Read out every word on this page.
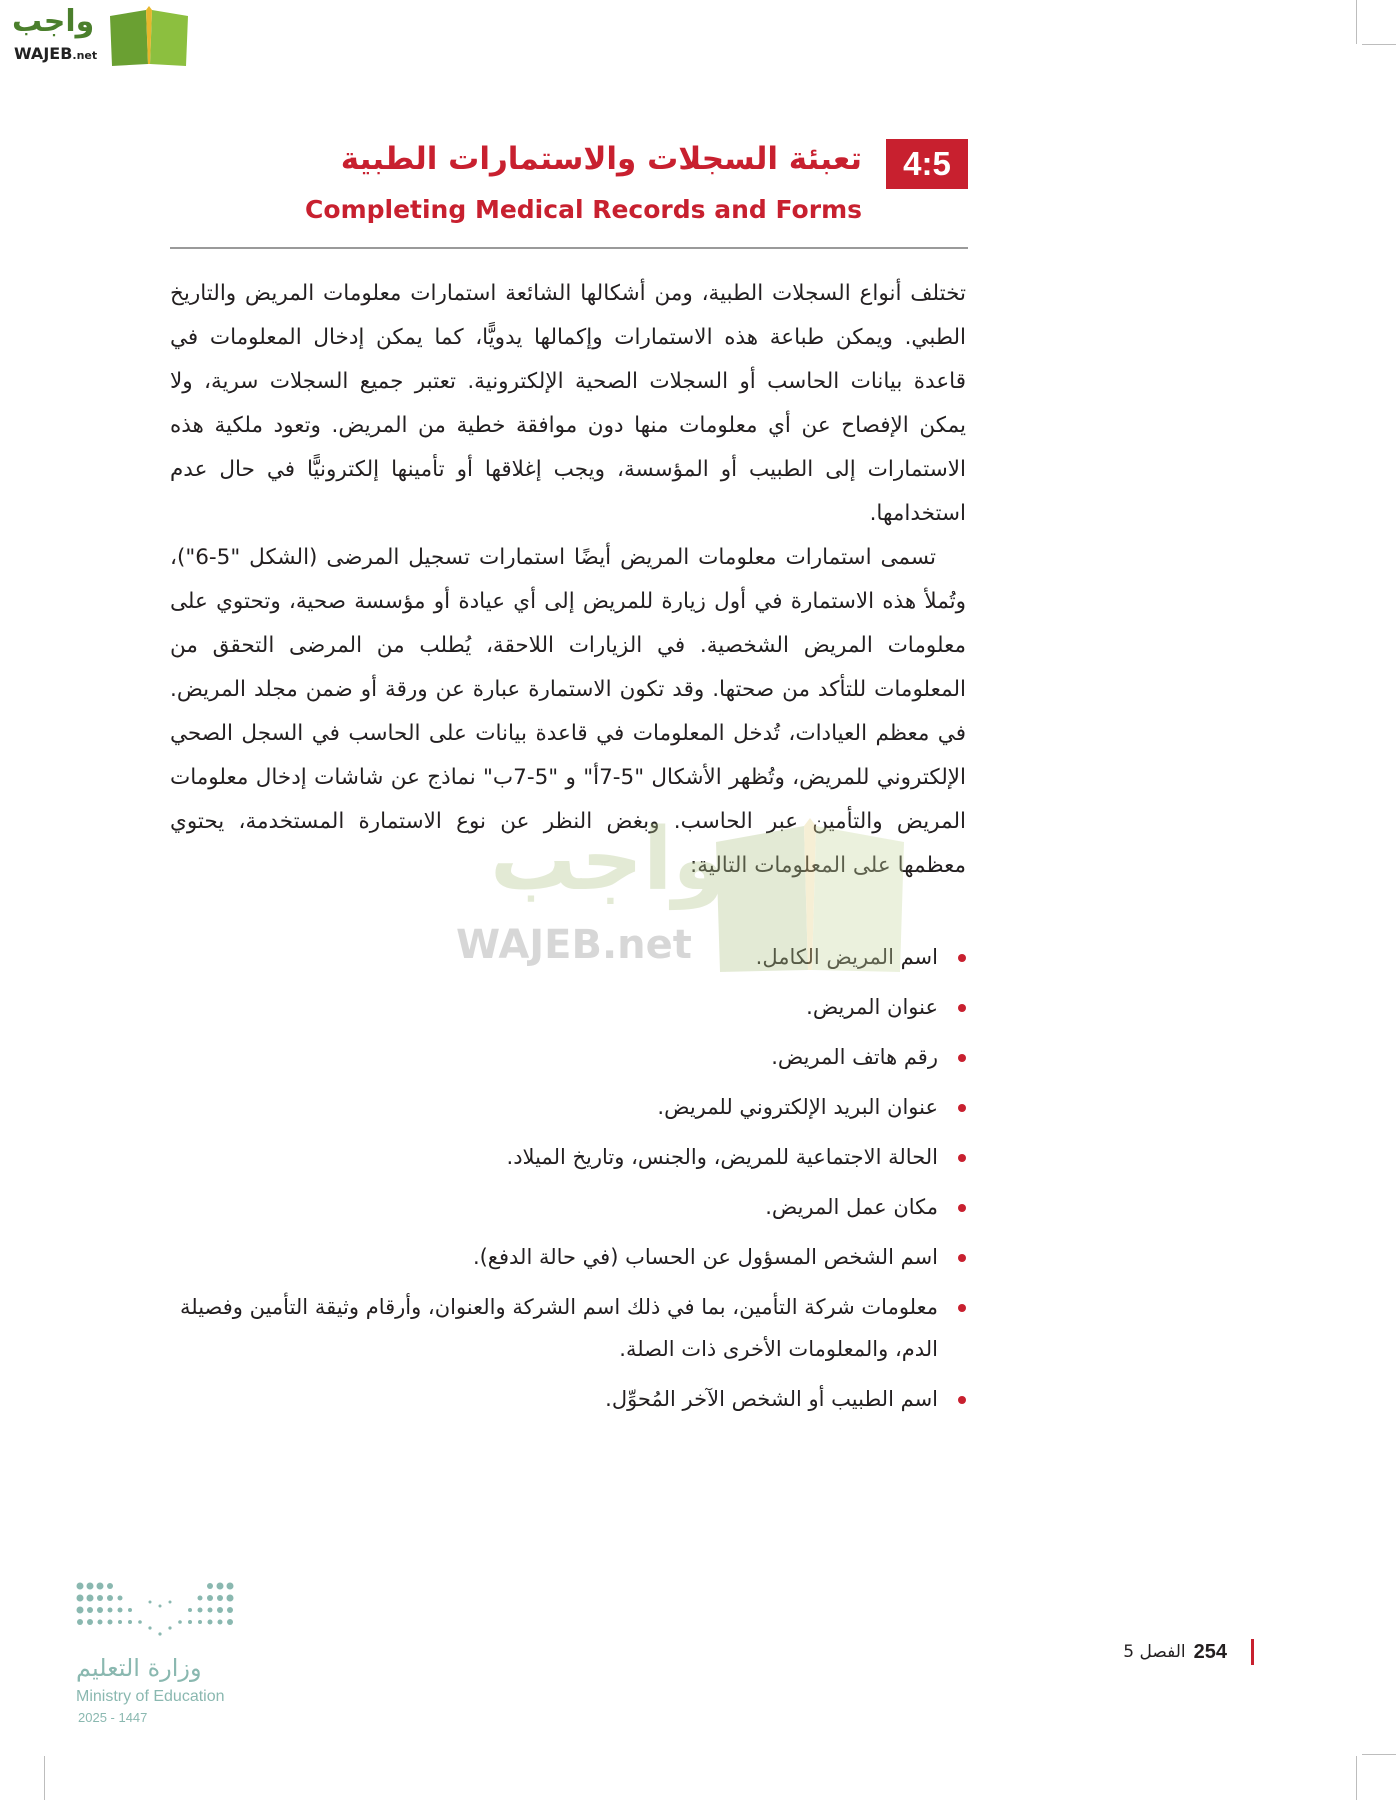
واجب
WAJEB.net
4:5
تعبئة السجلات والاستمارات الطبية
Completing Medical Records and Forms

تختلف أنواع السجلات الطبية، ومن أشكالها الشائعة استمارات معلومات المريض والتاريخ الطبي. ويمكن طباعة هذه الاستمارات وإكمالها يدويًّا، كما يمكن إدخال المعلومات في قاعدة بيانات الحاسب أو السجلات الصحية الإلكترونية. تعتبر جميع السجلات سرية، ولا يمكن الإفصاح عن أي معلومات منها دون موافقة خطية من المريض. وتعود ملكية هذه الاستمارات إلى الطبيب أو المؤسسة، ويجب إغلاقها أو تأمينها إلكترونيًّا في حال عدم استخدامها.

تسمى استمارات معلومات المريض أيضًا استمارات تسجيل المرضى (الشكل "5-6")، وتُملأ هذه الاستمارة في أول زيارة للمريض إلى أي عيادة أو مؤسسة صحية، وتحتوي على معلومات المريض الشخصية. في الزيارات اللاحقة، يُطلب من المرضى التحقق من المعلومات للتأكد من صحتها. وقد تكون الاستمارة عبارة عن ورقة أو ضمن مجلد المريض. في معظم العيادات، تُدخل المعلومات في قاعدة بيانات على الحاسب في السجل الصحي الإلكتروني للمريض، وتُظهر الأشكال "5-7أ" و "5-7ب" نماذج عن شاشات إدخال معلومات المريض والتأمين عبر الحاسب. وبغض النظر عن نوع الاستمارة المستخدمة، يحتوي معظمها على المعلومات التالية:

اسم المريض الكامل.
عنوان المريض.
رقم هاتف المريض.
عنوان البريد الإلكتروني للمريض.
الحالة الاجتماعية للمريض، والجنس، وتاريخ الميلاد.
مكان عمل المريض.
اسم الشخص المسؤول عن الحساب (في حالة الدفع).
معلومات شركة التأمين، بما في ذلك اسم الشركة والعنوان، وأرقام وثيقة التأمين وفصيلة الدم، والمعلومات الأخرى ذات الصلة.
اسم الطبيب أو الشخص الآخر المُحوِّل.
واجب
WAJEB.net
وزارة التعليم
Ministry of Education
2025 - 1447
254
الفصل 5
